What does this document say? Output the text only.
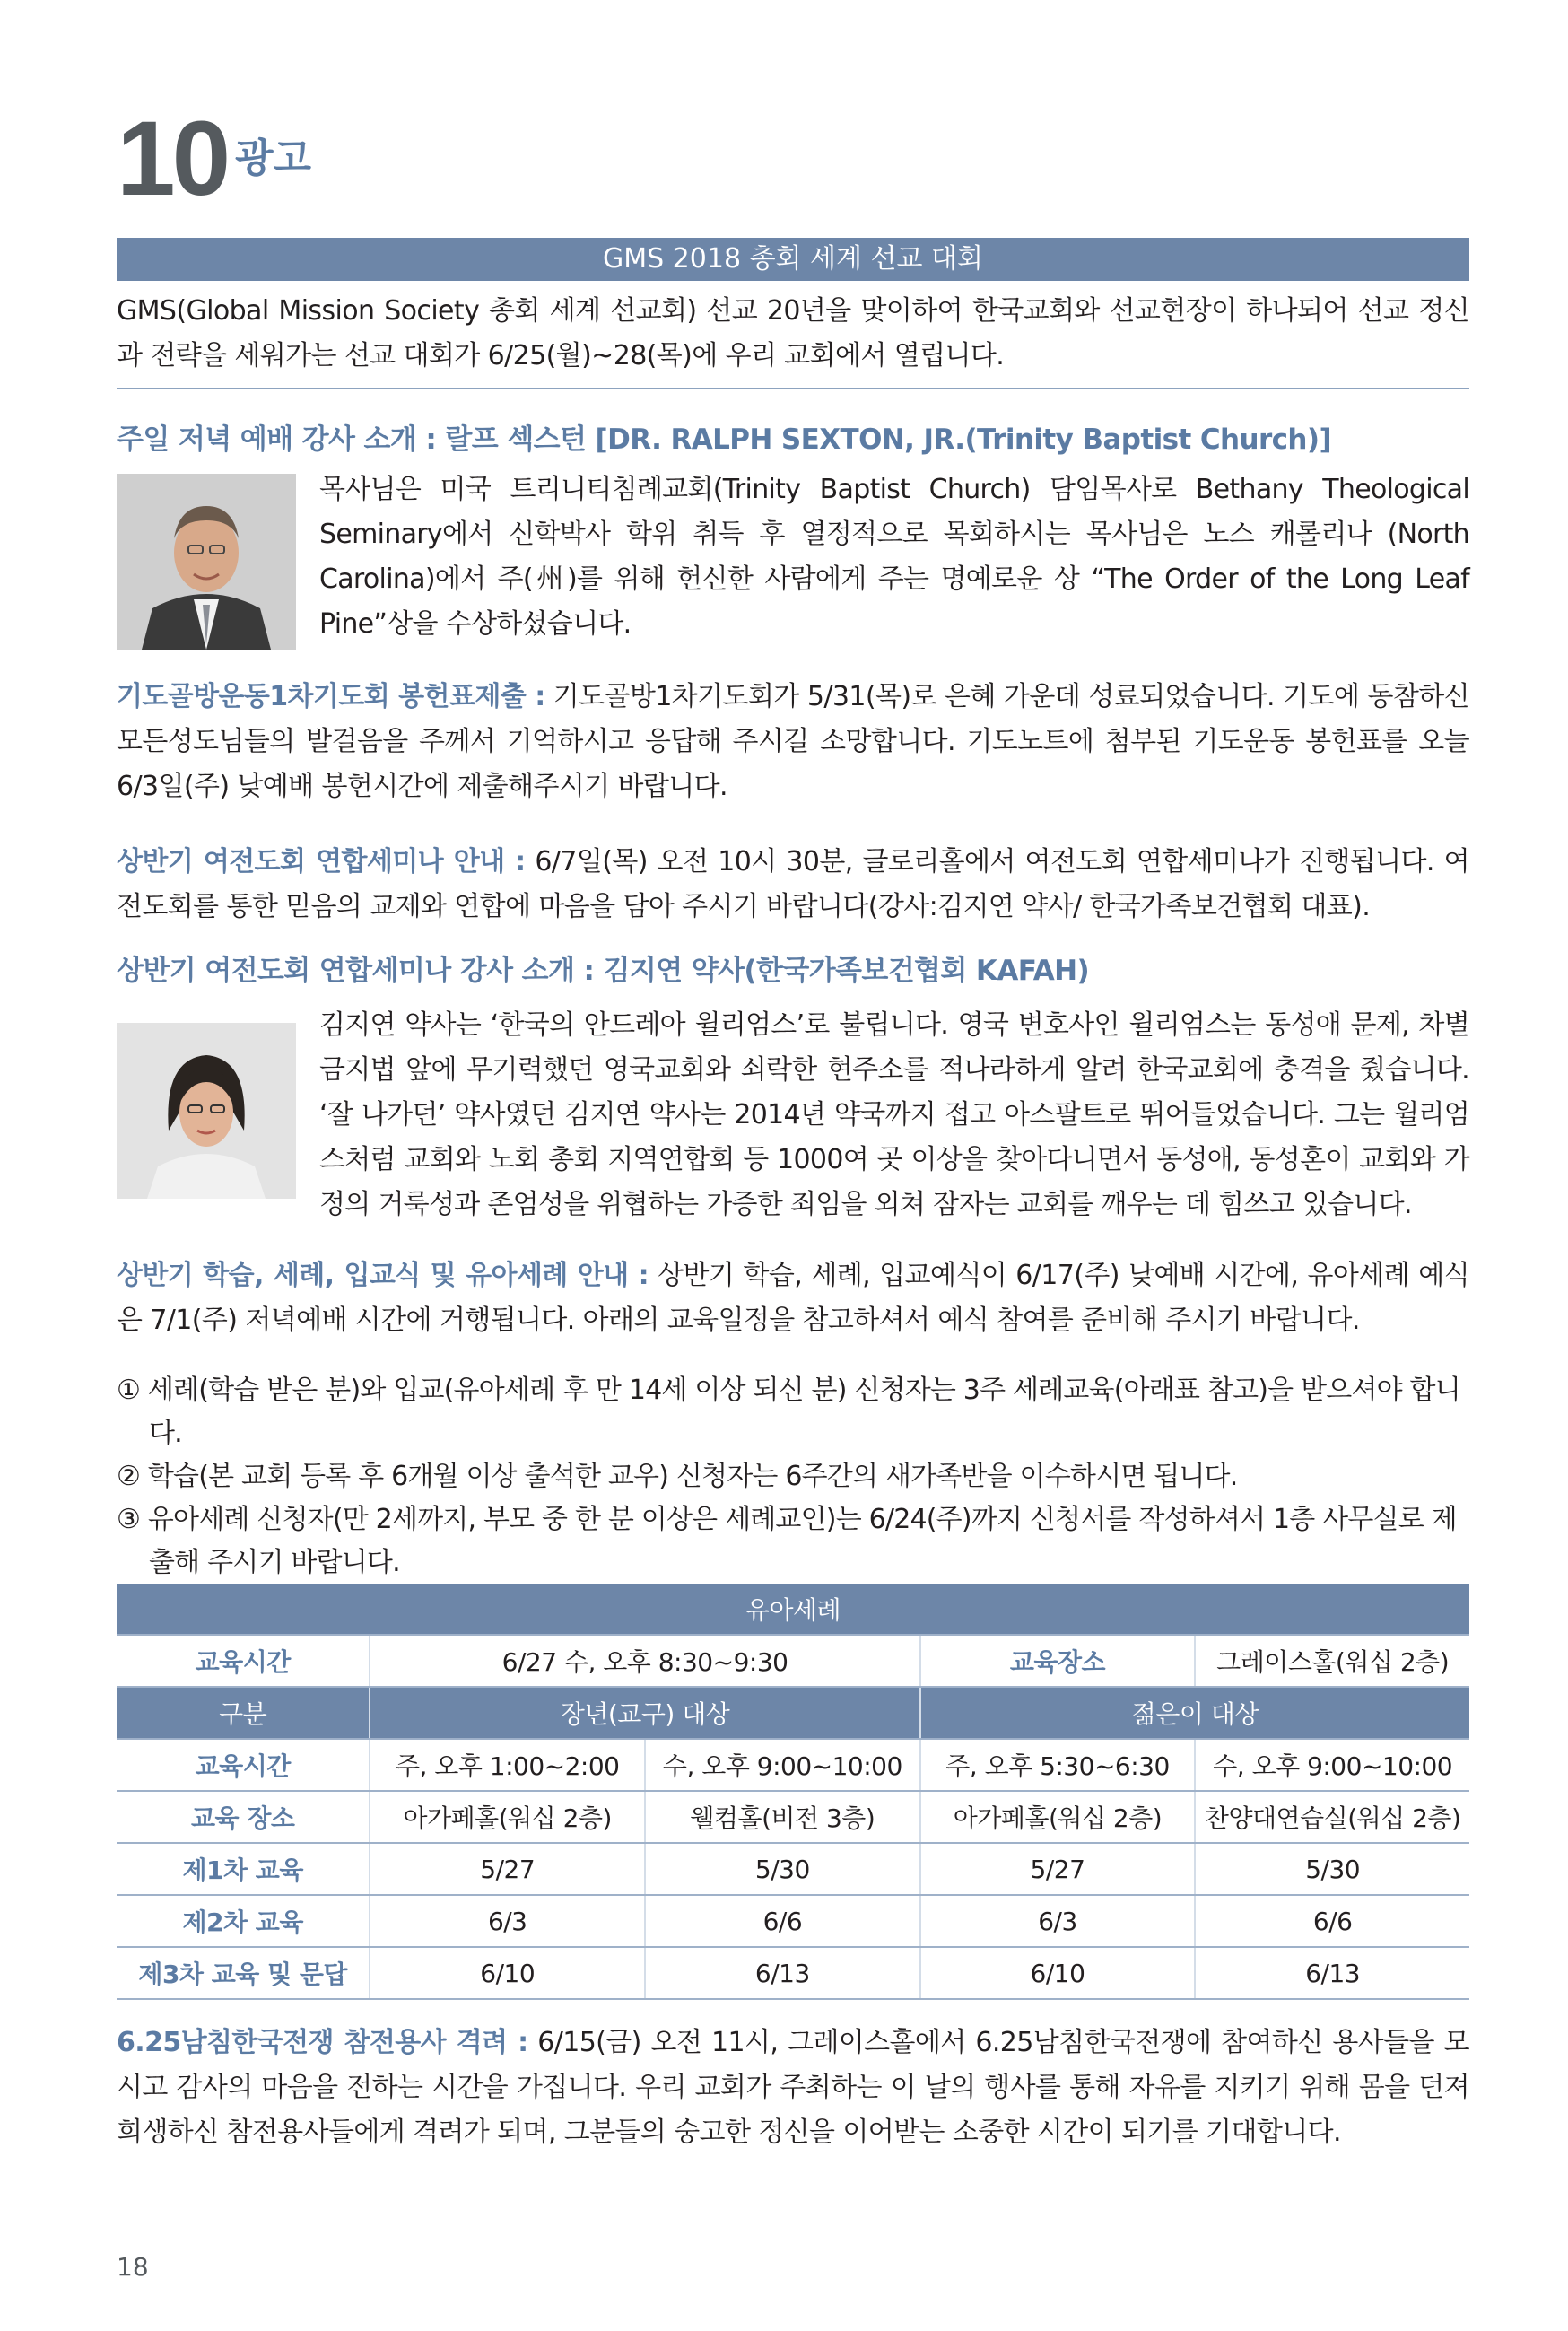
10 광고
GMS 2018 총회 세계 선교 대회
GMS(Global Mission Society 총회 세계 선교회) 선교 20년을 맞이하여 한국교회와 선교현장이 하나되어 선교 정신과 전략을 세워가는 선교 대회가 6/25(월)~28(목)에 우리 교회에서 열립니다.
주일 저녁 예배 강사 소개 : 랄프 섹스턴 [DR. RALPH SEXTON, JR.(Trinity Baptist Church)]
목사님은 미국 트리니티침례교회(Trinity Baptist Church) 담임목사로 Bethany Theological Seminary에서 신학박사 학위 취득 후 열정적으로 목회하시는 목사님은 노스 캐롤리나 (North Carolina)에서 주(州)를 위해 헌신한 사람에게 주는 명예로운 상 “The Order of the Long Leaf Pine”상을 수상하셨습니다.
기도골방운동1차기도회 봉헌표제출 : 기도골방1차기도회가 5/31(목)로 은혜 가운데 성료되었습니다. 기도에 동참하신 모든성도님들의 발걸음을 주께서 기억하시고 응답해 주시길 소망합니다. 기도노트에 첨부된 기도운동 봉헌표를 오늘 6/3일(주) 낮예배 봉헌시간에 제출해주시기 바랍니다.
상반기 여전도회 연합세미나 안내 : 6/7일(목) 오전 10시 30분, 글로리홀에서 여전도회 연합세미나가 진행됩니다. 여전도회를 통한 믿음의 교제와 연합에 마음을 담아 주시기 바랍니다(강사:김지연 약사/ 한국가족보건협회 대표).
상반기 여전도회 연합세미나 강사 소개 : 김지연 약사(한국가족보건협회 KAFAH)
김지연 약사는 ‘한국의 안드레아 윌리엄스’로 불립니다. 영국 변호사인 윌리엄스는 동성애 문제, 차별 금지법 앞에 무기력했던 영국교회와 쇠락한 현주소를 적나라하게 알려 한국교회에 충격을 줬습니다. ‘잘 나가던’ 약사였던 김지연 약사는 2014년 약국까지 접고 아스팔트로 뛰어들었습니다. 그는 윌리엄스처럼 교회와 노회 총회 지역연합회 등 1000여 곳 이상을 찾아다니면서 동성애, 동성혼이 교회와 가정의 거룩성과 존엄성을 위협하는 가증한 죄임을 외쳐 잠자는 교회를 깨우는 데 힘쓰고 있습니다.
상반기 학습, 세례, 입교식 및 유아세례 안내 : 상반기 학습, 세례, 입교예식이 6/17(주) 낮예배 시간에, 유아세례 예식은 7/1(주) 저녁예배 시간에 거행됩니다. 아래의 교육일정을 참고하셔서 예식 참여를 준비해 주시기 바랍니다.
① 세례(학습 받은 분)와 입교(유아세례 후 만 14세 이상 되신 분) 신청자는 3주 세례교육(아래표 참고)을 받으셔야 합니다.
② 학습(본 교회 등록 후 6개월 이상 출석한 교우) 신청자는 6주간의 새가족반을 이수하시면 됩니다.
③ 유아세례 신청자(만 2세까지, 부모 중 한 분 이상은 세례교인)는 6/24(주)까지 신청서를 작성하셔서 1층 사무실로 제출해 주시기 바랍니다.
유아세례				
교육시간	6/27 수, 오후 8:30~9:30		교육장소	그레이스홀(워십 2층)
구분	장년(교구) 대상		젊은이 대상	
교육시간	주, 오후 1:00~2:00	수, 오후 9:00~10:00	주, 오후 5:30~6:30	수, 오후 9:00~10:00
교육 장소	아가페홀(워십 2층)	웰컴홀(비전 3층)	아가페홀(워십 2층)	찬양대연습실(워십 2층)
제1차 교육	5/27	5/30	5/27	5/30
제2차 교육	6/3	6/6	6/3	6/6
제3차 교육 및 문답	6/10	6/13	6/10	6/13
6.25남침한국전쟁 참전용사 격려 : 6/15(금) 오전 11시, 그레이스홀에서 6.25남침한국전쟁에 참여하신 용사들을 모시고 감사의 마음을 전하는 시간을 가집니다. 우리 교회가 주최하는 이 날의 행사를 통해 자유를 지키기 위해 몸을 던져 희생하신 참전용사들에게 격려가 되며, 그분들의 숭고한 정신을 이어받는 소중한 시간이 되기를 기대합니다.
18
